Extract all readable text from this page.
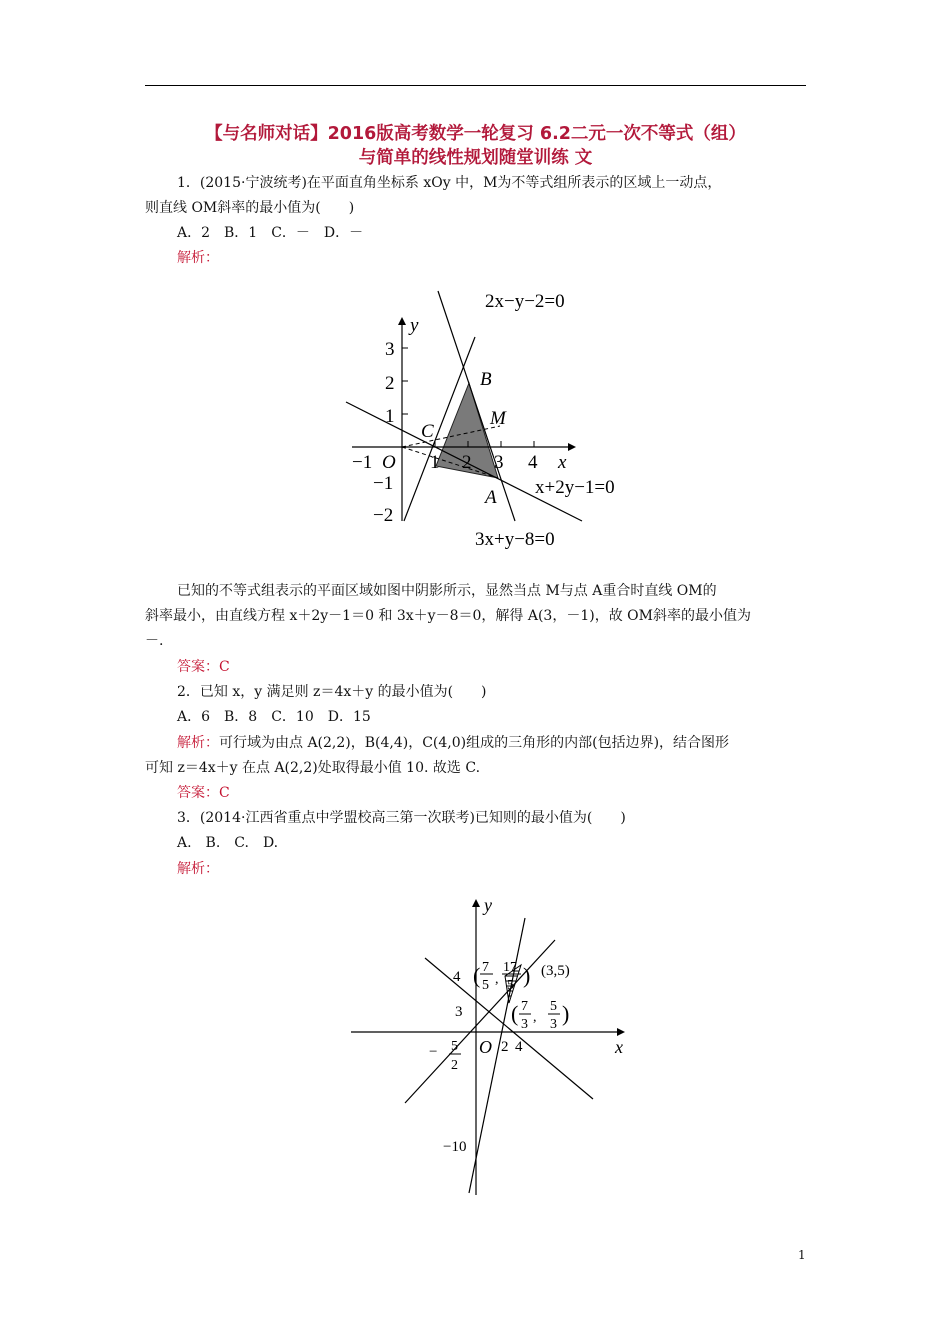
【与名师对话】2016版高考数学一轮复习 6.2二元一次不等式（组）
与简单的线性规划随堂训练 文
1．(2015·宁波统考)在平面直角坐标系 xOy 中，M为不等式组所表示的区域上一动点，
则直线 OM斜率的最小值为(　　)
A．2　B．1　C．－　D．－
解析：
2x−y−2=0
x+2y−1=0
3x+y−8=0
B
C
M
A
O	x
y
−1	1 2 3 4
3
2
1
−1
−2
已知的不等式组表示的平面区域如图中阴影所示，显然当点 M与点 A重合时直线 OM的
斜率最小，由直线方程 x＋2y－1＝0 和 3x＋y－8＝0，解得 A(3，－1)，故 OM斜率的最小值为
－.
答案：C
2．已知 x，y 满足则 z＝4x＋y 的最小值为(　　)
A．6　B．8　C．10　D．15
解析：可行域为由点 A(2,2)，B(4,4)，C(4,0)组成的三角形的内部(包括边界)，结合图形
可知 z＝4x＋y 在点 A(2,2)处取得最小值 10. 故选 C.
答案：C
3．(2014·江西省重点中学盟校高三第一次联考)已知则的最小值为(　　)
A.　B.　C.　D.
解析：
y
x
O
4
3
−10
2 4
− 5
2
( 7
5 ,
17
5 ) (3,5)
( 7
3 ,
5
3 )
1
